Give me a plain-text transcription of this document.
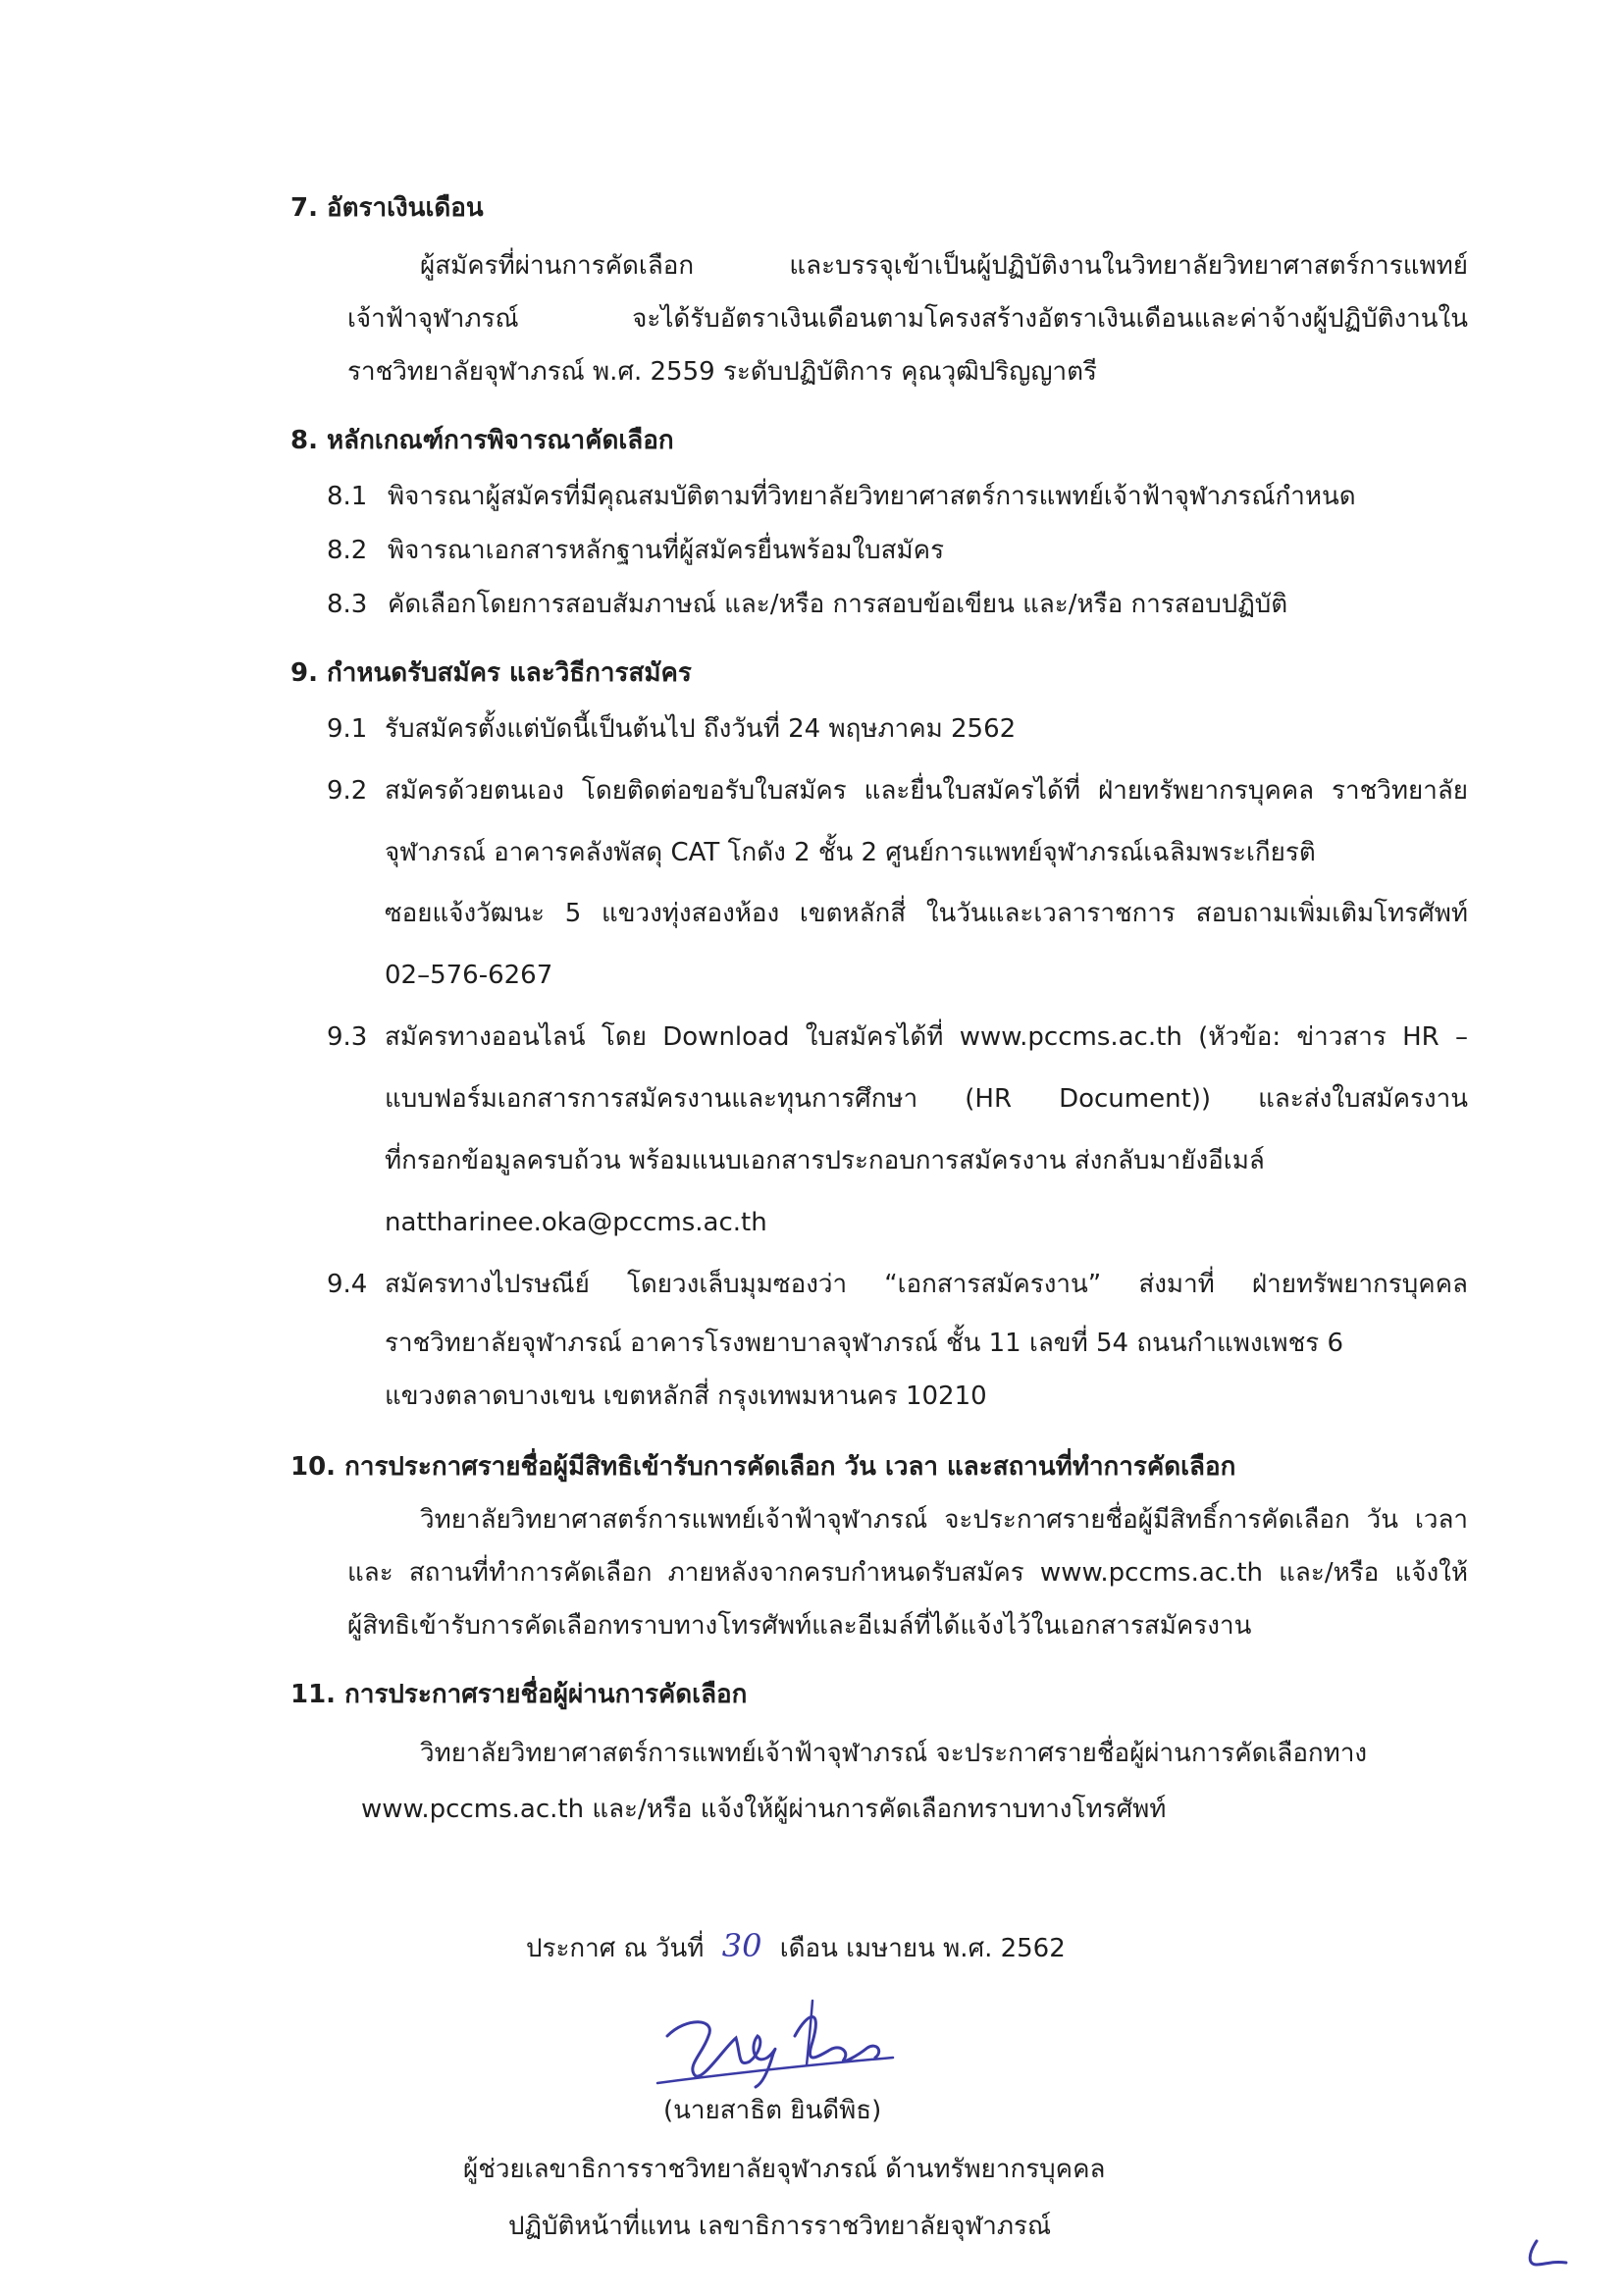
7. อัตราเงินเดือน
ผู้สมัครที่ผ่านการคัดเลือก และบรรจุเข้าเป็นผู้ปฏิบัติงานในวิทยาลัยวิทยาศาสตร์การแพทย์
เจ้าฟ้าจุฬาภรณ์ จะได้รับอัตราเงินเดือนตามโครงสร้างอัตราเงินเดือนและค่าจ้างผู้ปฏิบัติงานใน
ราชวิทยาลัยจุฬาภรณ์ พ.ศ. 2559 ระดับปฏิบัติการ คุณวุฒิปริญญาตรี
8. หลักเกณฑ์การพิจารณาคัดเลือก
8.1 พิจารณาผู้สมัครที่มีคุณสมบัติตามที่วิทยาลัยวิทยาศาสตร์การแพทย์เจ้าฟ้าจุฬาภรณ์กำหนด
8.2 พิจารณาเอกสารหลักฐานที่ผู้สมัครยื่นพร้อมใบสมัคร
8.3 คัดเลือกโดยการสอบสัมภาษณ์ และ/หรือ การสอบข้อเขียน และ/หรือ การสอบปฏิบัติ
9. กำหนดรับสมัคร และวิธีการสมัคร
9.1 รับสมัครตั้งแต่บัดนี้เป็นต้นไป ถึงวันที่ 24 พฤษภาคม 2562
9.2 สมัครด้วยตนเอง โดยติดต่อขอรับใบสมัคร และยื่นใบสมัครได้ที่ ฝ่ายทรัพยากรบุคคล ราชวิทยาลัย
จุฬาภรณ์ อาคารคลังพัสดุ CAT โกดัง 2 ชั้น 2 ศูนย์การแพทย์จุฬาภรณ์เฉลิมพระเกียรติ
ซอยแจ้งวัฒนะ 5 แขวงทุ่งสองห้อง เขตหลักสี่ ในวันและเวลาราชการ สอบถามเพิ่มเติมโทรศัพท์
02–576-6267
9.3 สมัครทางออนไลน์ โดย Download ใบสมัครได้ที่ www.pccms.ac.th (หัวข้อ: ข่าวสาร HR –
แบบฟอร์มเอกสารการสมัครงานและทุนการศึกษา (HR Document)) และส่งใบสมัครงาน
ที่กรอกข้อมูลครบถ้วน พร้อมแนบเอกสารประกอบการสมัครงาน ส่งกลับมายังอีเมล์
nattharinee.oka@pccms.ac.th
9.4 สมัครทางไปรษณีย์ โดยวงเล็บมุมซองว่า “เอกสารสมัครงาน” ส่งมาที่ ฝ่ายทรัพยากรบุคคล
ราชวิทยาลัยจุฬาภรณ์ อาคารโรงพยาบาลจุฬาภรณ์ ชั้น 11 เลขที่ 54 ถนนกำแพงเพชร 6
แขวงตลาดบางเขน เขตหลักสี่ กรุงเทพมหานคร 10210
10. การประกาศรายชื่อผู้มีสิทธิเข้ารับการคัดเลือก วัน เวลา และสถานที่ทำการคัดเลือก
วิทยาลัยวิทยาศาสตร์การแพทย์เจ้าฟ้าจุฬาภรณ์ จะประกาศรายชื่อผู้มีสิทธิ์การคัดเลือก วัน เวลา
และ สถานที่ทำการคัดเลือก ภายหลังจากครบกำหนดรับสมัคร www.pccms.ac.th และ/หรือ แจ้งให้
ผู้สิทธิเข้ารับการคัดเลือกทราบทางโทรศัพท์และอีเมล์ที่ได้แจ้งไว้ในเอกสารสมัครงาน
11. การประกาศรายชื่อผู้ผ่านการคัดเลือก
วิทยาลัยวิทยาศาสตร์การแพทย์เจ้าฟ้าจุฬาภรณ์ จะประกาศรายชื่อผู้ผ่านการคัดเลือกทาง
www.pccms.ac.th และ/หรือ แจ้งให้ผู้ผ่านการคัดเลือกทราบทางโทรศัพท์
ประกาศ ณ วันที่ 30 เดือน เมษายน พ.ศ. 2562
(นายสาธิต ยินดีพิธ)
ผู้ช่วยเลขาธิการราชวิทยาลัยจุฬาภรณ์ ด้านทรัพยากรบุคคล
ปฏิบัติหน้าที่แทน เลขาธิการราชวิทยาลัยจุฬาภรณ์
